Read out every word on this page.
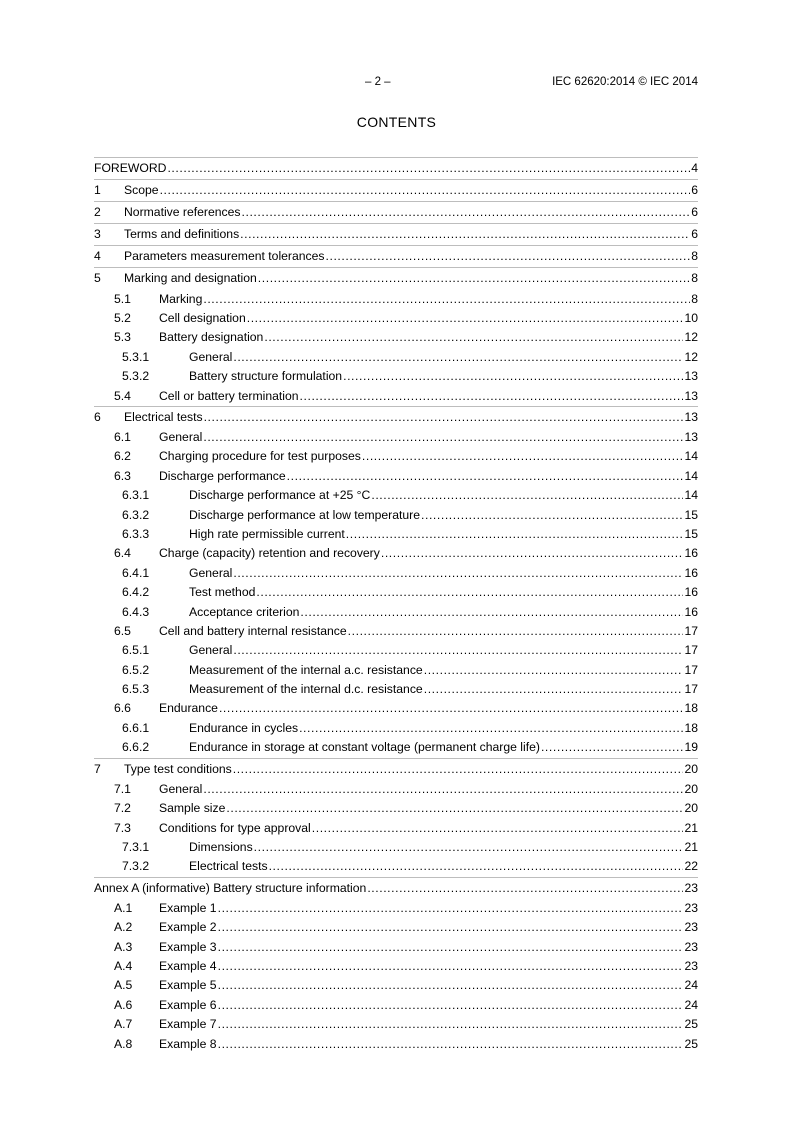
– 2 –	IEC 62620:2014 © IEC 2014
CONTENTS
FOREWORD . . .	4
1	Scope . . .	6
2	Normative references . . .	6
3	Terms and definitions . . .	6
4	Parameters measurement tolerances . . .	8
5	Marking and designation . . .	8
5.1	Marking . . .	8
5.2	Cell designation . . .	10
5.3	Battery designation . . .	12
5.3.1	General . . .	12
5.3.2	Battery structure formulation . . .	13
5.4	Cell or battery termination . . .	13
6	Electrical tests . . .	13
6.1	General . . .	13
6.2	Charging procedure for test purposes . . .	14
6.3	Discharge performance . . .	14
6.3.1	Discharge performance at +25 °C . . .	14
6.3.2	Discharge performance at low temperature . . .	15
6.3.3	High rate permissible current . . .	15
6.4	Charge (capacity) retention and recovery . . .	16
6.4.1	General . . .	16
6.4.2	Test method . . .	16
6.4.3	Acceptance criterion . . .	16
6.5	Cell and battery internal resistance . . .	17
6.5.1	General . . .	17
6.5.2	Measurement of the internal a.c. resistance . . .	17
6.5.3	Measurement of the internal d.c. resistance . . .	17
6.6	Endurance . . .	18
6.6.1	Endurance in cycles . . .	18
6.6.2	Endurance in storage at constant voltage (permanent charge life) . . .	19
7	Type test conditions . . .	20
7.1	General . . .	20
7.2	Sample size . . .	20
7.3	Conditions for type approval . . .	21
7.3.1	Dimensions . . .	21
7.3.2	Electrical tests . . .	22
Annex A (informative) Battery structure information . . .	23
A.1	Example 1 . . .	23
A.2	Example 2 . . .	23
A.3	Example 3 . . .	23
A.4	Example 4 . . .	23
A.5	Example 5 . . .	24
A.6	Example 6 . . .	24
A.7	Example 7 . . .	25
A.8	Example 8 . . .	25
